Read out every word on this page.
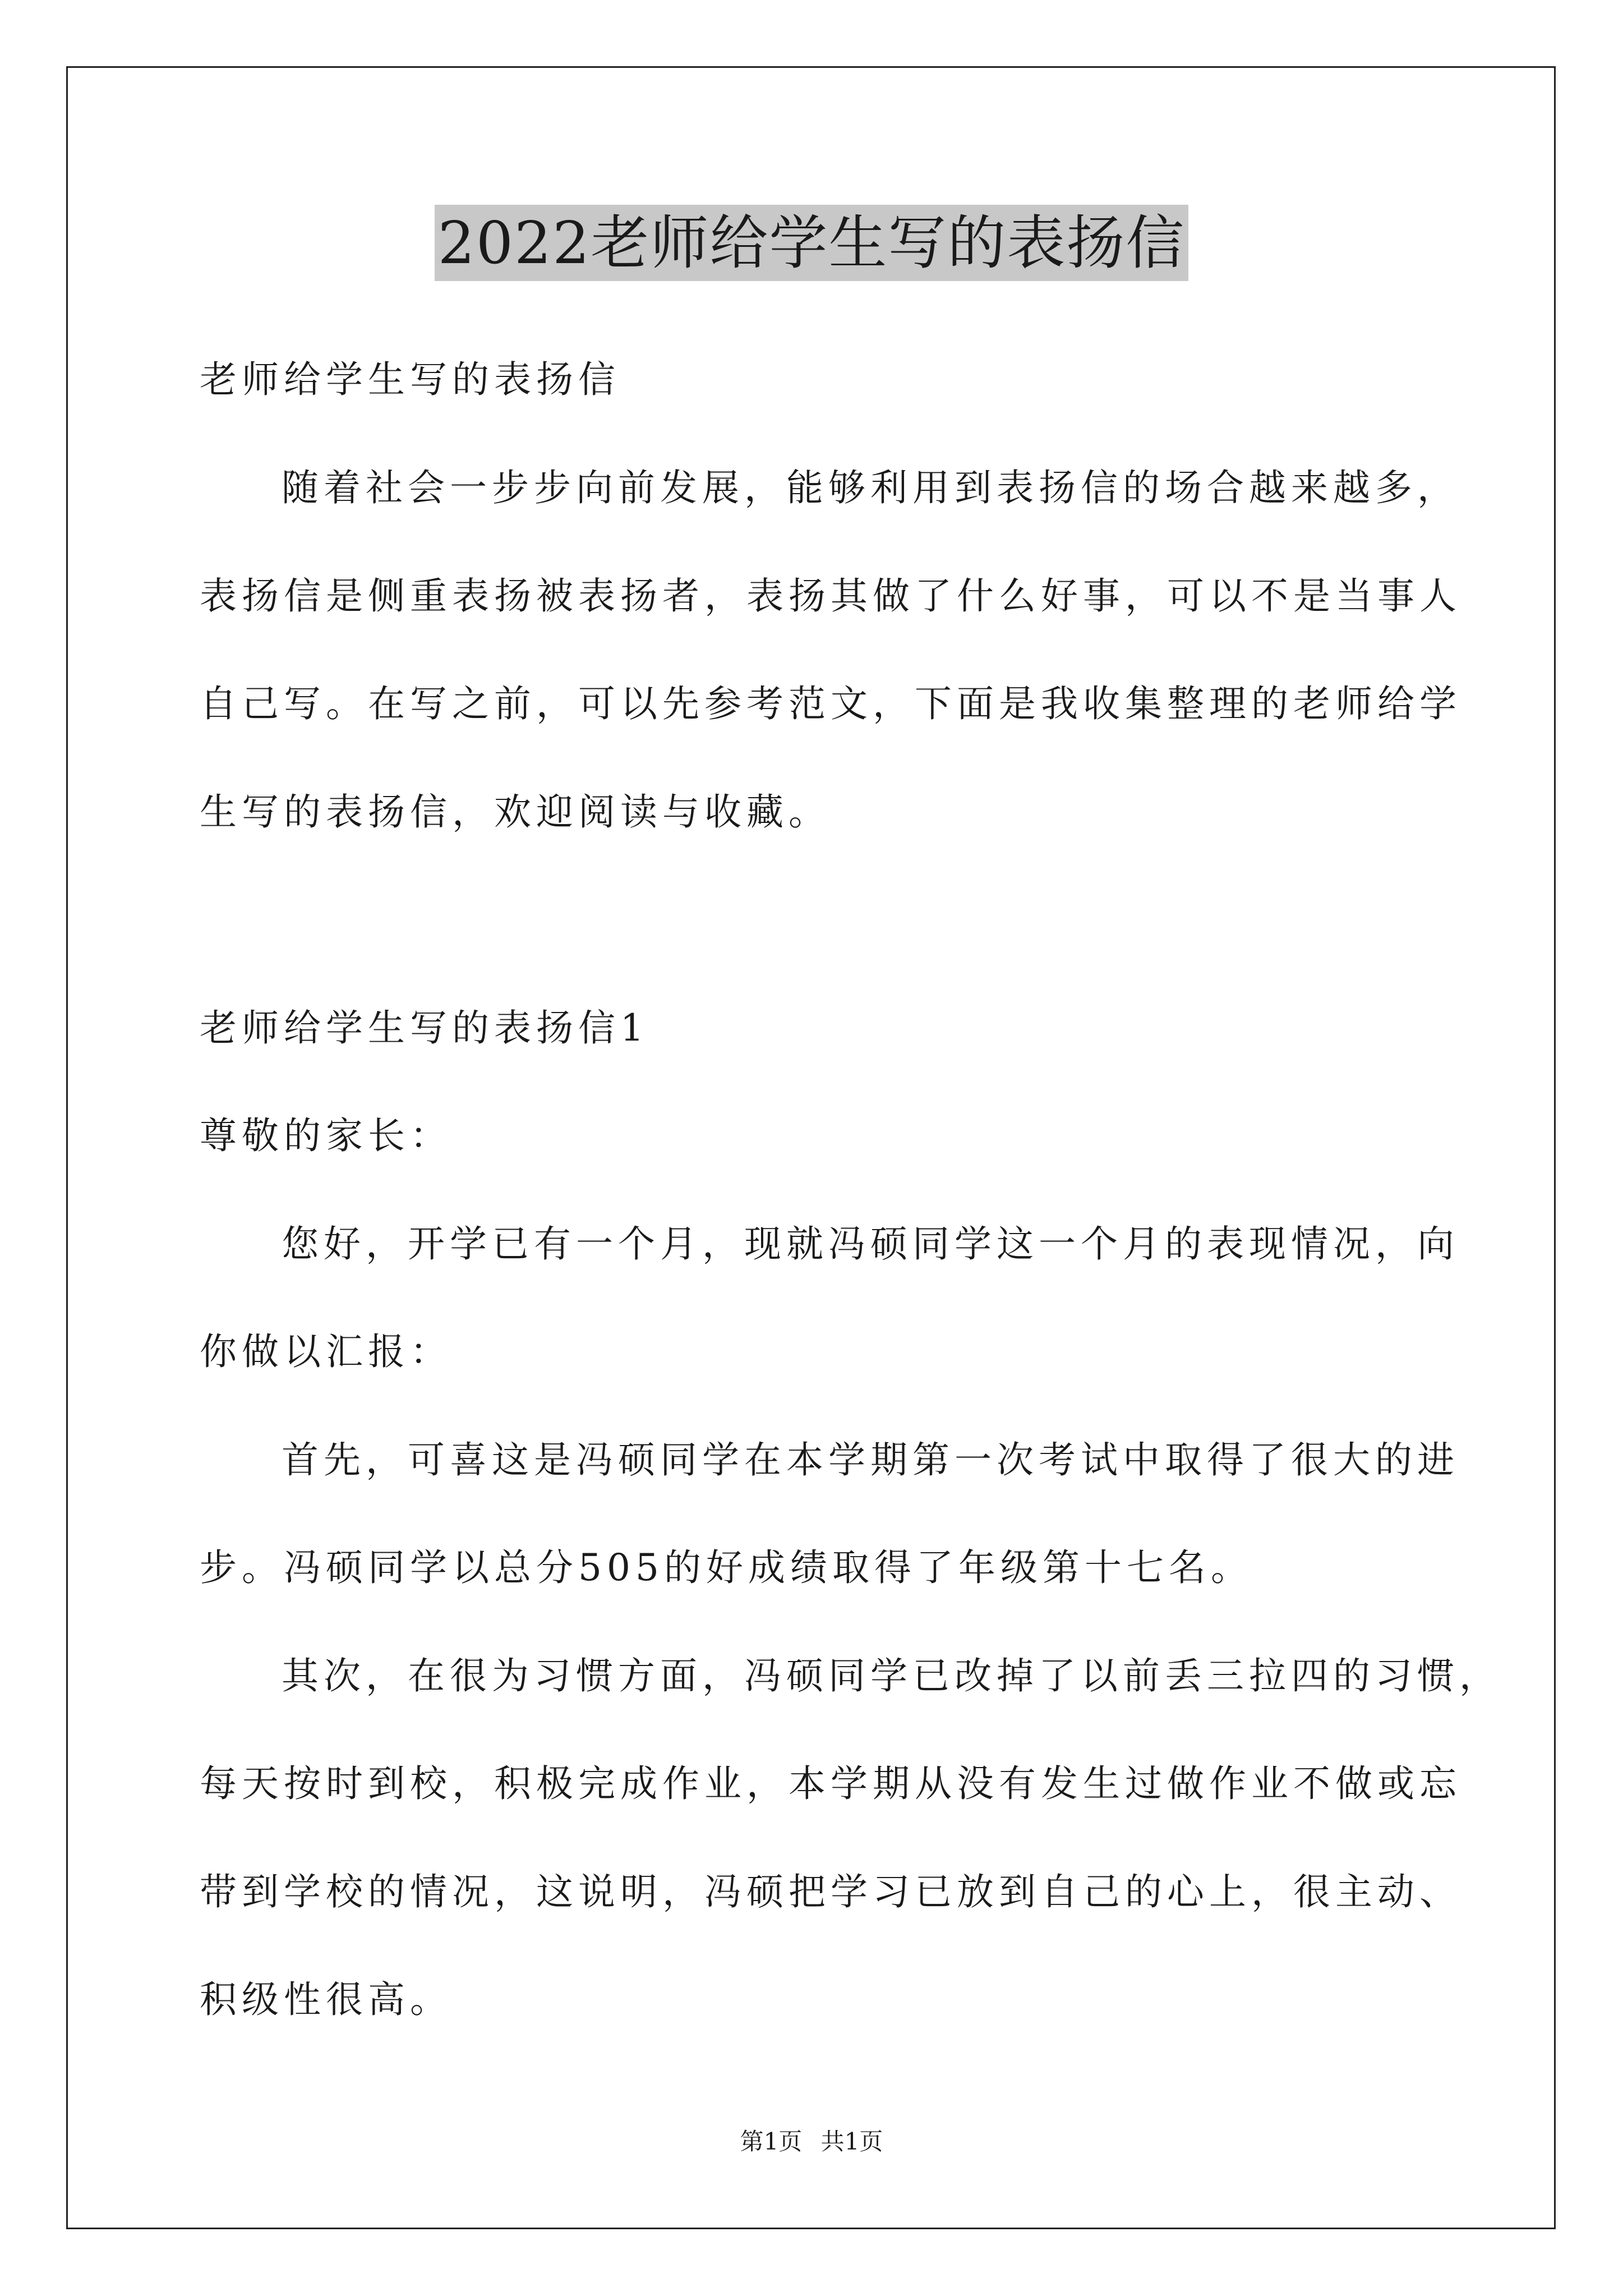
2022老师给学生写的表扬信
老师给学生写的表扬信
随着社会一步步向前发展，能够利用到表扬信的场合越来越多，
表扬信是侧重表扬被表扬者，表扬其做了什么好事，可以不是当事人
自己写。在写之前，可以先参考范文，下面是我收集整理的老师给学
生写的表扬信，欢迎阅读与收藏。
老师给学生写的表扬信1
尊敬的家长：
您好，开学已有一个月，现就冯硕同学这一个月的表现情况，向
你做以汇报：
首先，可喜这是冯硕同学在本学期第一次考试中取得了很大的进
步。冯硕同学以总分505的好成绩取得了年级第十七名。
其次，在很为习惯方面，冯硕同学已改掉了以前丢三拉四的习惯，
每天按时到校，积极完成作业，本学期从没有发生过做作业不做或忘
带到学校的情况，这说明，冯硕把学习已放到自己的心上，很主动、
积级性很高。
第1页 共1页
